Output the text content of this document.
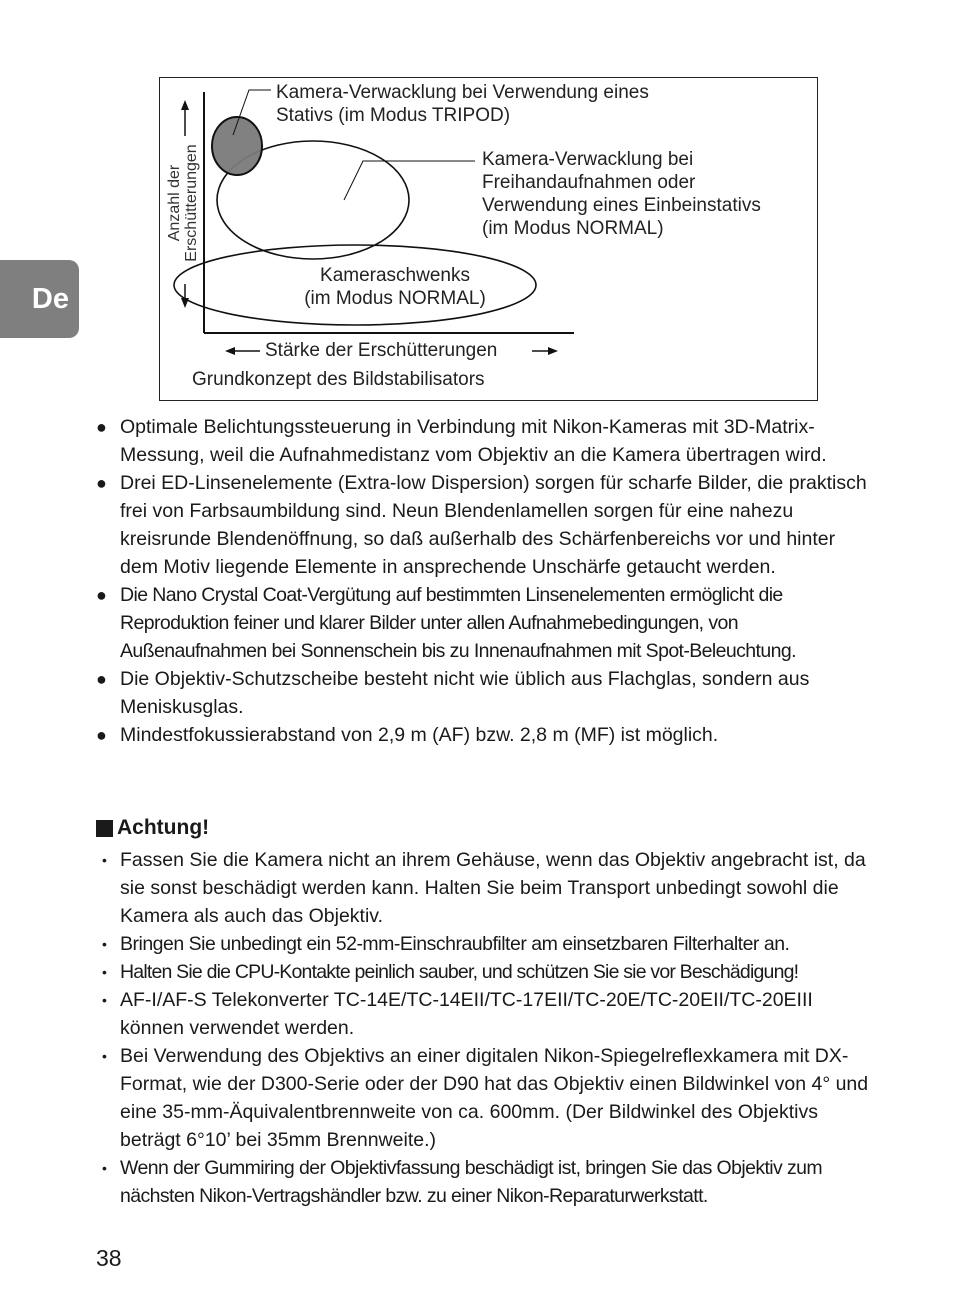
De
Kamera-Verwacklung bei Verwendung eines
Stativs (im Modus TRIPOD)
Kamera-Verwacklung bei
Freihandaufnahmen oder
Verwendung eines Einbeinstativs
(im Modus NORMAL)
Kameraschwenks
(im Modus NORMAL)
Anzahl der Erschütterungen
Stärke der Erschütterungen
Grundkonzept des Bildstabilisators
● Optimale Belichtungssteuerung in Verbindung mit Nikon-Kameras mit 3D-Matrix-Messung, weil die Aufnahmedistanz vom Objektiv an die Kamera übertragen wird.
● Drei ED-Linsenelemente (Extra-low Dispersion) sorgen für scharfe Bilder, die praktisch frei von Farbsaumbildung sind. Neun Blendenlamellen sorgen für eine nahezu kreisrunde Blendenöffnung, so daß außerhalb des Schärfenbereichs vor und hinter dem Motiv liegende Elemente in ansprechende Unschärfe getaucht werden.
● Die Nano Crystal Coat-Vergütung auf bestimmten Linsenelementen ermöglicht die Reproduktion feiner und klarer Bilder unter allen Aufnahmebedingungen, von Außenaufnahmen bei Sonnenschein bis zu Innenaufnahmen mit Spot-Beleuchtung.
● Die Objektiv-Schutzscheibe besteht nicht wie üblich aus Flachglas, sondern aus Meniskusglas.
● Mindestfokussierabstand von 2,9 m (AF) bzw. 2,8 m (MF) ist möglich.
Achtung!
• Fassen Sie die Kamera nicht an ihrem Gehäuse, wenn das Objektiv angebracht ist, da sie sonst beschädigt werden kann. Halten Sie beim Transport unbedingt sowohl die Kamera als auch das Objektiv.
• Bringen Sie unbedingt ein 52-mm-Einschraubfilter am einsetzbaren Filterhalter an.
• Halten Sie die CPU-Kontakte peinlich sauber, und schützen Sie sie vor Beschädigung!
• AF-I/AF-S Telekonverter TC-14E/TC-14EII/TC-17EII/TC-20E/TC-20EII/TC-20EIII können verwendet werden.
• Bei Verwendung des Objektivs an einer digitalen Nikon-Spiegelreflexkamera mit DX-Format, wie der D300-Serie oder der D90 hat das Objektiv einen Bildwinkel von 4° und eine 35-mm-Äquivalentbrennweite von ca. 600mm. (Der Bildwinkel des Objektivs beträgt 6°10’ bei 35mm Brennweite.)
• Wenn der Gummiring der Objektivfassung beschädigt ist, bringen Sie das Objektiv zum nächsten Nikon-Vertragshändler bzw. zu einer Nikon-Reparaturwerkstatt.
38
